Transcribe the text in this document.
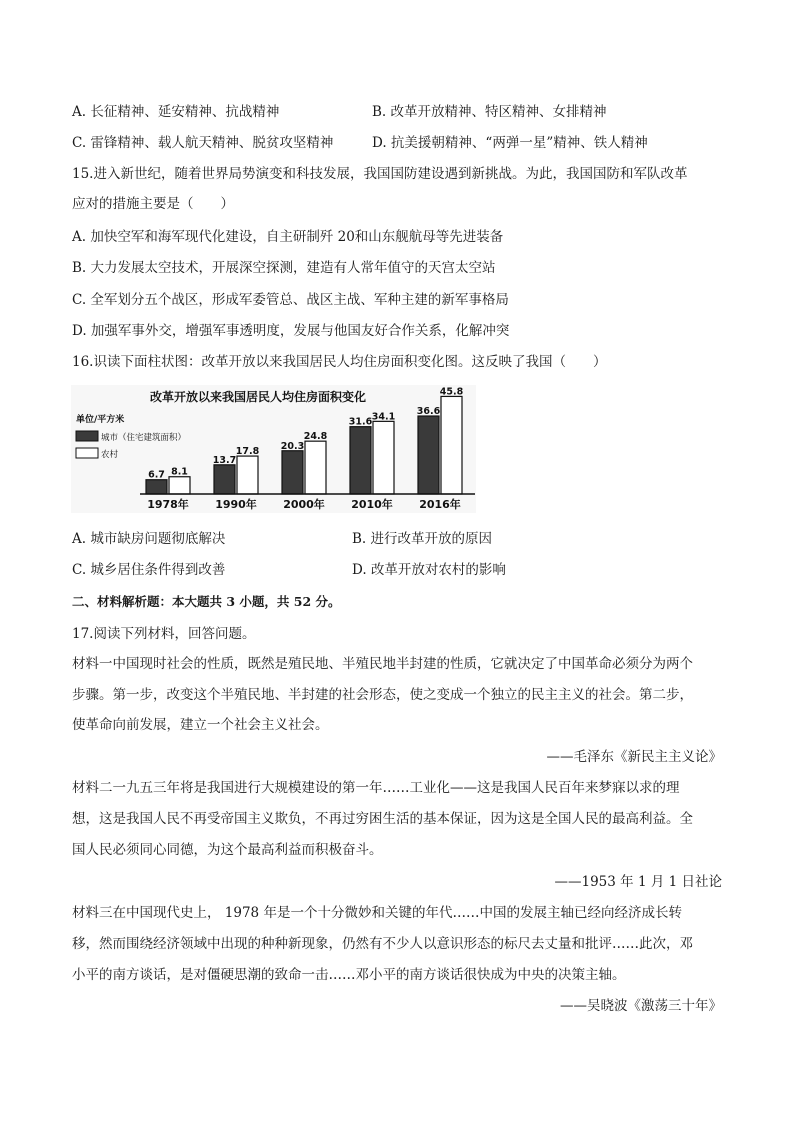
A. 长征精神、延安精神、抗战精神	B. 改革开放精神、特区精神、女排精神
C. 雷锋精神、载人航天精神、脱贫攻坚精神	D. 抗美援朝精神、“两弹一星”精神、铁人精神
15.进入新世纪，随着世界局势演变和科技发展，我国国防建设遇到新挑战。为此，我国国防和军队改革
应对的措施主要是（　　）
A. 加快空军和海军现代化建设，自主研制歼 20和山东舰航母等先进装备
B. 大力发展太空技术，开展深空探测，建造有人常年值守的天宫太空站
C. 全军划分五个战区，形成军委管总、战区主战、军种主建的新军事格局
D. 加强军事外交，增强军事透明度，发展与他国友好合作关系，化解冲突
16.识读下面柱状图：改革开放以来我国居民人均住房面积变化图。这反映了我国（　　）
改革开放以来我国居民人均住房面积变化
单位/平方米
城市（住宅建筑面积）
农村
6.7 8.1
1978年
13.7
17.8
1990年
20.3
24.8
2000年
31.6 34.1
2010年
36.6
45.8
2016年
A. 城市缺房问题彻底解决	B. 进行改革开放的原因
C. 城乡居住条件得到改善	D. 改革开放对农村的影响
二、材料解析题：本大题共 3 小题，共 52 分。
17.阅读下列材料，回答问题。
材料一中国现时社会的性质，既然是殖民地、半殖民地半封建的性质，它就决定了中国革命必须分为两个
步骤。第一步，改变这个半殖民地、半封建的社会形态，使之变成一个独立的民主主义的社会。第二步，
使革命向前发展，建立一个社会主义社会。
——毛泽东《新民主主义论》
材料二一九五三年将是我国进行大规模建设的第一年……工业化——这是我国人民百年来梦寐以求的理
想，这是我国人民不再受帝国主义欺负，不再过穷困生活的基本保证，因为这是全国人民的最高利益。全
国人民必须同心同德，为这个最高利益而积极奋斗。
——1953 年 1 月 1 日社论
材料三在中国现代史上， 1978 年是一个十分微妙和关键的年代……中国的发展主轴已经向经济成长转
移，然而围绕经济领域中出现的种种新现象，仍然有不少人以意识形态的标尺去丈量和批评……此次，邓
小平的南方谈话，是对僵硬思潮的致命一击……邓小平的南方谈话很快成为中央的决策主轴。
——吴晓波《激荡三十年》
